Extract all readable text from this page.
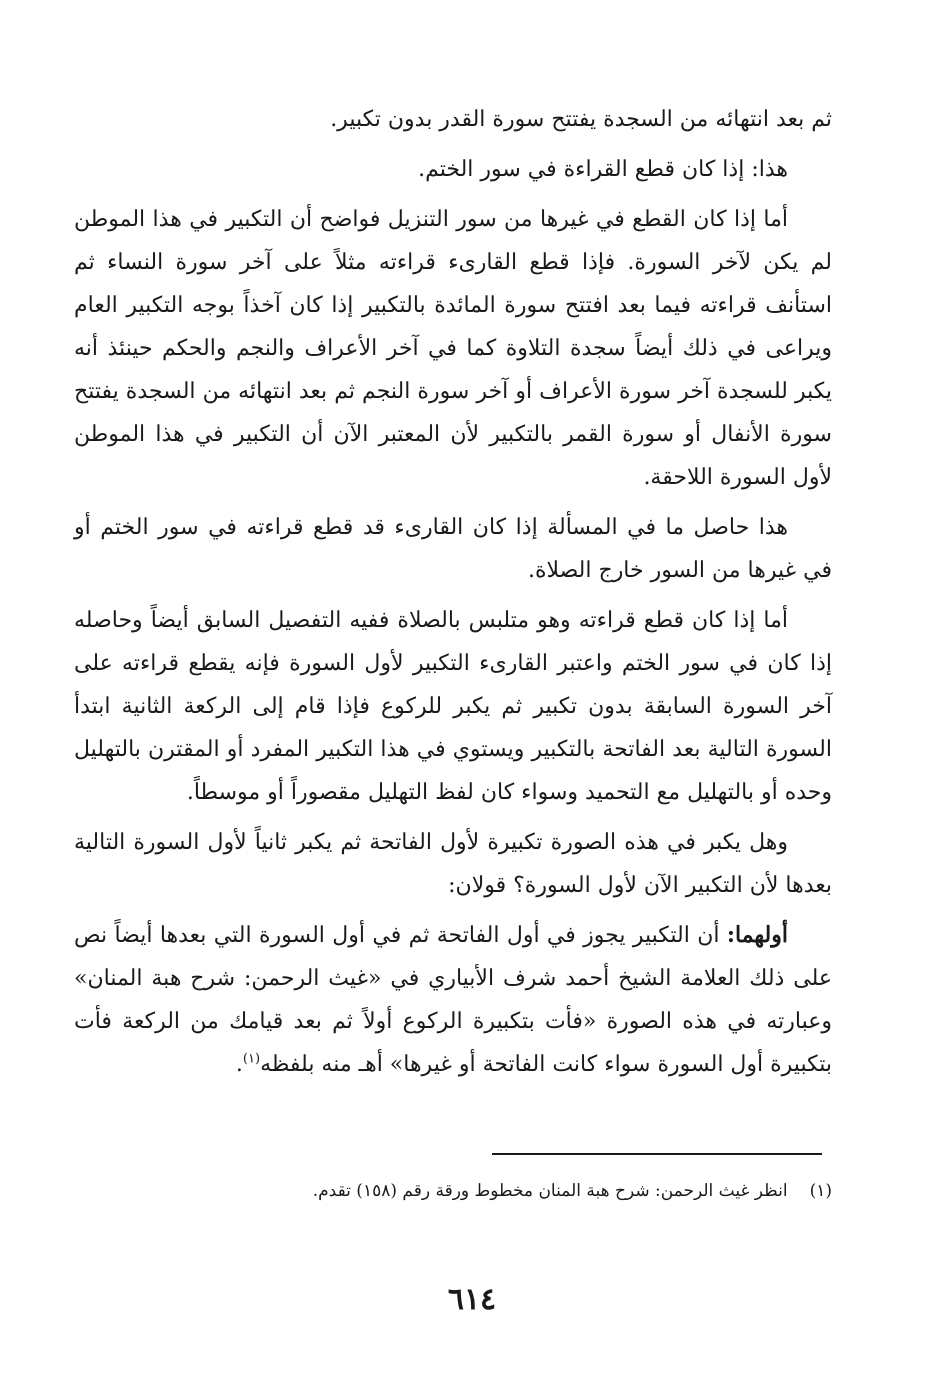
ثم بعد انتهائه من السجدة يفتتح سورة القدر بدون تكبير.

هذا: إذا كان قطع القراءة في سور الختم.

أما إذا كان القطع في غيرها من سور التنزيل فواضح أن التكبير في هذا الموطن لم يكن لآخر السورة. فإذا قطع القارىء قراءته مثلاً على آخر سورة النساء ثم استأنف قراءته فيما بعد افتتح سورة المائدة بالتكبير إذا كان آخذاً بوجه التكبير العام ويراعى في ذلك أيضاً سجدة التلاوة كما في آخر الأعراف والنجم والحكم حينئذ أنه يكبر للسجدة آخر سورة الأعراف أو آخر سورة النجم ثم بعد انتهائه من السجدة يفتتح سورة الأنفال أو سورة القمر بالتكبير لأن المعتبر الآن أن التكبير في هذا الموطن لأول السورة اللاحقة.

هذا حاصل ما في المسألة إذا كان القارىء قد قطع قراءته في سور الختم أو في غيرها من السور خارج الصلاة.

أما إذا كان قطع قراءته وهو متلبس بالصلاة ففيه التفصيل السابق أيضاً وحاصله إذا كان في سور الختم واعتبر القارىء التكبير لأول السورة فإنه يقطع قراءته على آخر السورة السابقة بدون تكبير ثم يكبر للركوع فإذا قام إلى الركعة الثانية ابتدأ السورة التالية بعد الفاتحة بالتكبير ويستوي في هذا التكبير المفرد أو المقترن بالتهليل وحده أو بالتهليل مع التحميد وسواء كان لفظ التهليل مقصوراً أو موسطاً.

وهل يكبر في هذه الصورة تكبيرة لأول الفاتحة ثم يكبر ثانياً لأول السورة التالية بعدها لأن التكبير الآن لأول السورة؟ قولان:

أولهما: أن التكبير يجوز في أول الفاتحة ثم في أول السورة التي بعدها أيضاً نص على ذلك العلامة الشيخ أحمد شرف الأبياري في «غيث الرحمن: شرح هبة المنان» وعبارته في هذه الصورة «فأت بتكبيرة الركوع أولاً ثم بعد قيامك من الركعة فأت بتكبيرة أول السورة سواء كانت الفاتحة أو غيرها» أهـ منه بلفظه$^{(١)}$.

(١)انظر غيث الرحمن: شرح هبة المنان مخطوط ورقة رقم (١٥٨) تقدم.
٦١٤
